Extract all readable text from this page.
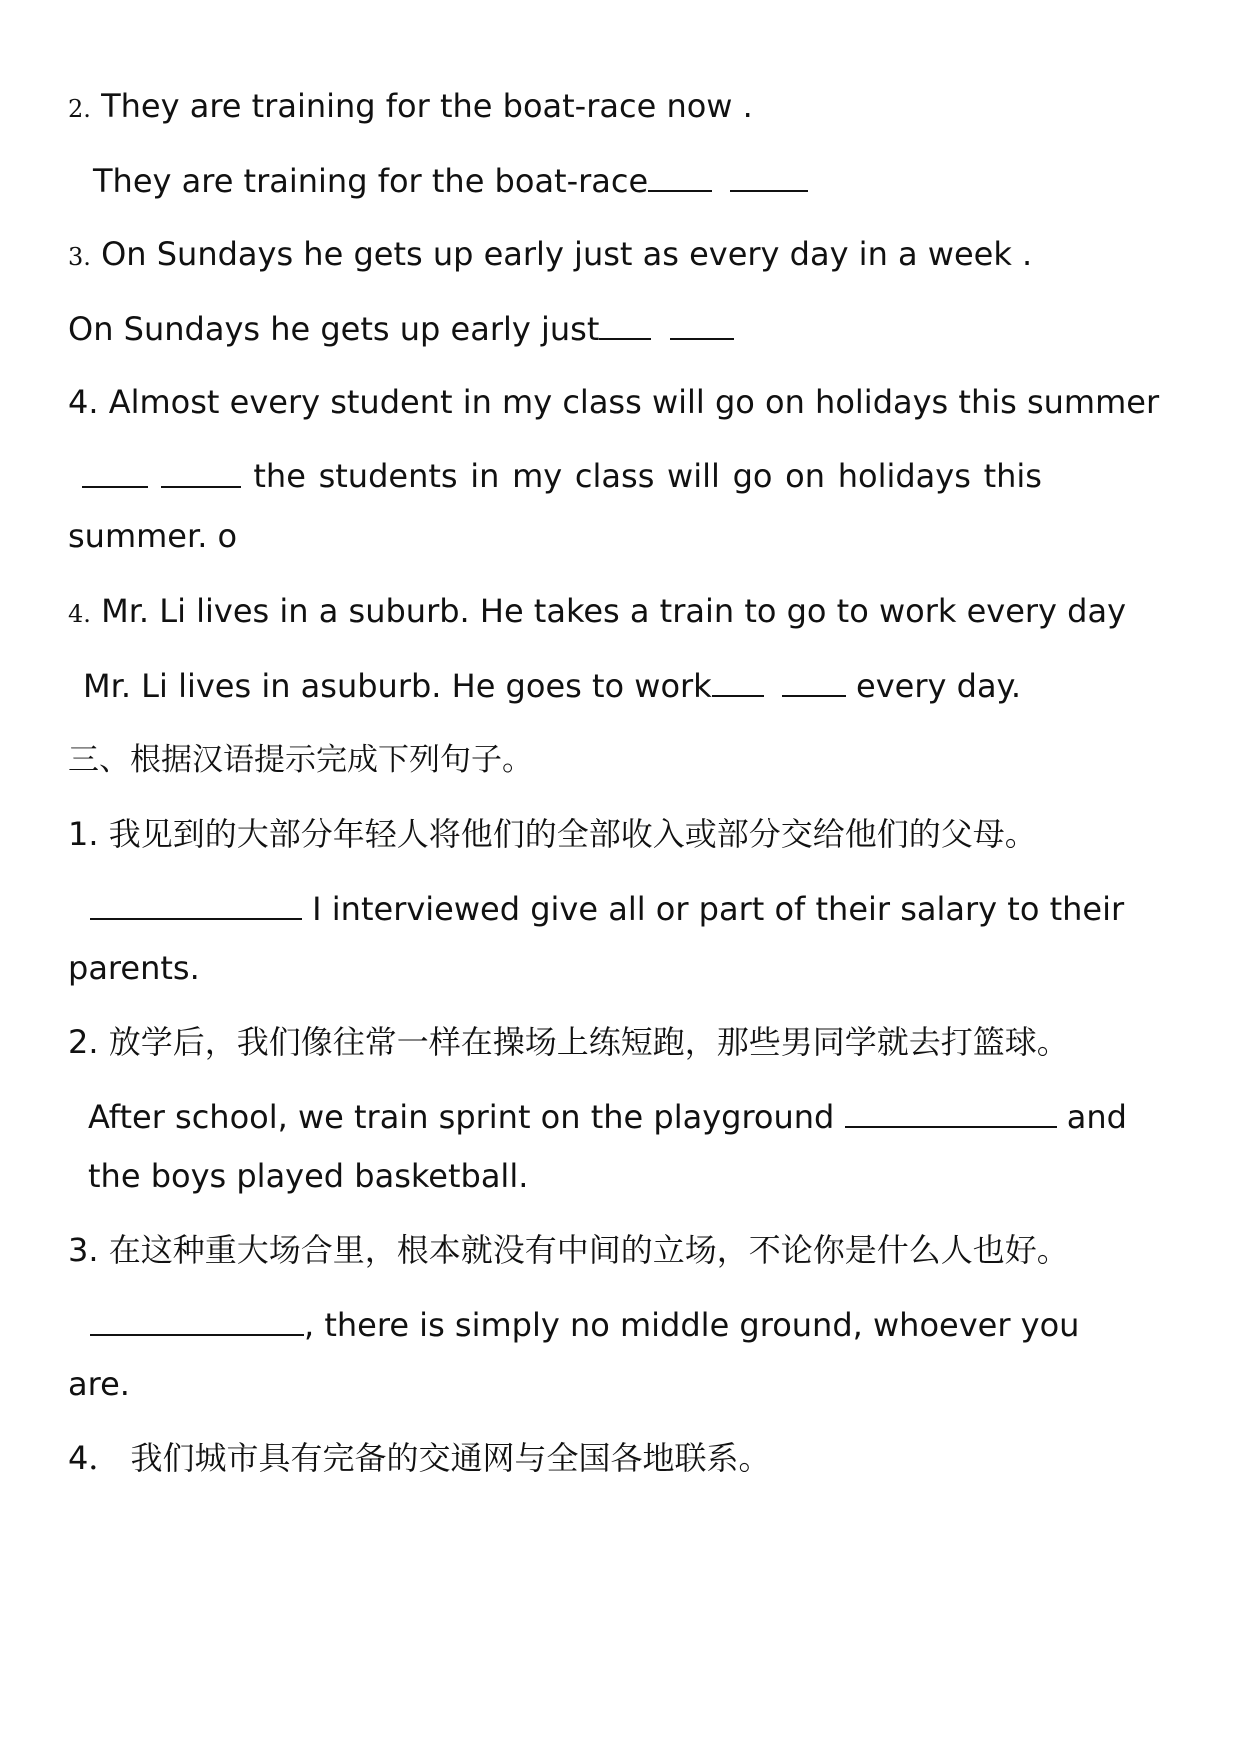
2. They are training for the boat-race now .
They are training for the boat-race
3. On Sundays he gets up early just as every day in a week .
On Sundays he gets up early just
4. Almost every student in my class will go on holidays this summer
the students in my class will go on holidays this
summer. o
4. Mr. Li lives in a suburb. He takes a train to go to work every day
Mr. Li lives in asuburb. He goes to work	every day.
三、根据汉语提示完成下列句子。
1. 我见到的大部分年轻人将他们的全部收入或部分交给他们的父母。
I interviewed give all or part of their salary to their
parents.
2. 放学后，我们像往常一样在操场上练短跑，那些男同学就去打篮球。
After school, we train sprint on the playground	and
the boys played basketball.
3. 在这种重大场合里，根本就没有中间的立场，不论你是什么人也好。
, there is simply no middle ground, whoever you
are.
4． 我们城市具有完备的交通网与全国各地联系。
